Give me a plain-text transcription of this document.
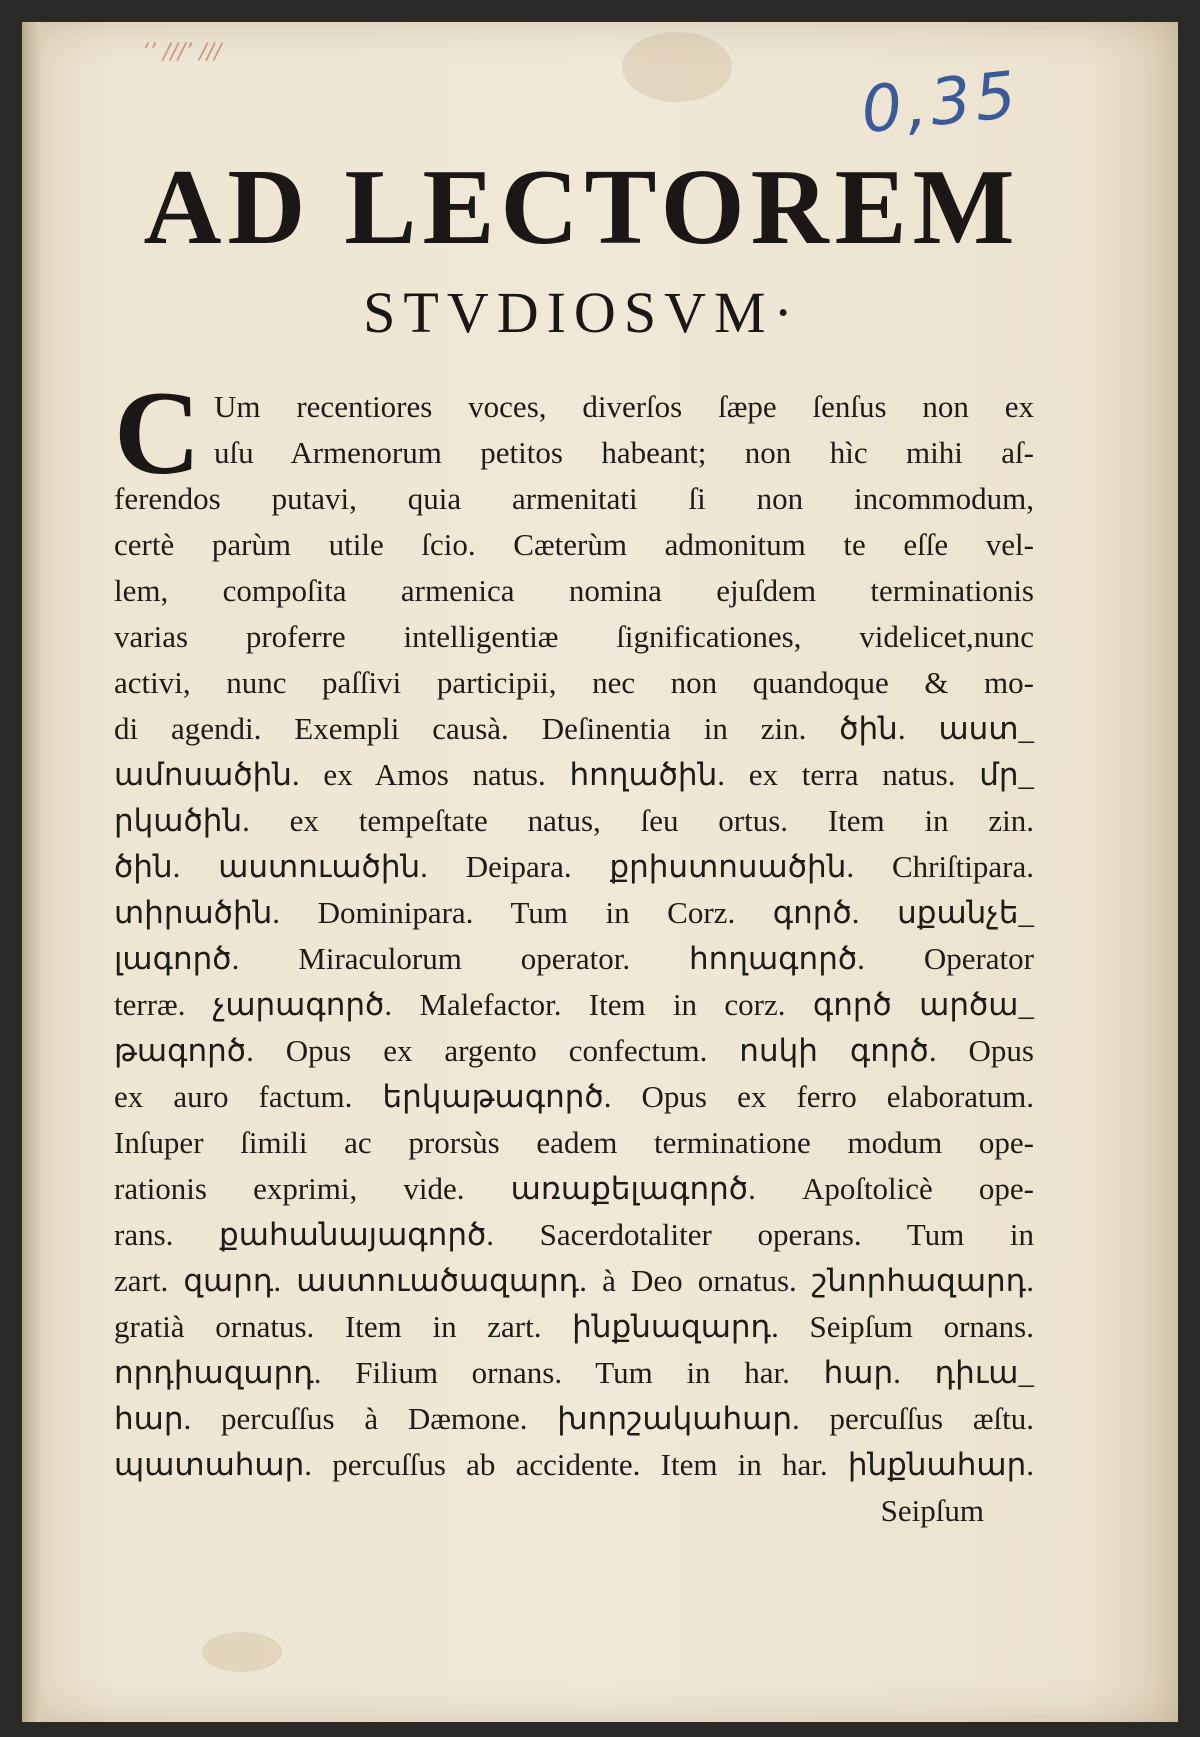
‘’ ///’ ///
0,35
AD LECTOREM
STVDIOSVM·
C Um recentiores voces, diverſos ſæpe ſenſus non ex
uſu Armenorum petitos habeant; non hìc mihi aſ-
ferendos putavi, quia armenitati ſi non incommodum,
certè parùm utile ſcio. Cæterùm admonitum te eſſe vel-
lem, compoſita armenica nomina ejuſdem terminationis
varias proferre intelligentiæ ſignificationes, videlicet,nunc
activi, nunc paſſivi participii, nec non quandoque & mo-
di agendi. Exempli causà. Deſinentia in zin. ծին. աստ_
ամոսածին. ex Amos natus. հողածին. ex terra natus. մր_
րկածին. ex tempeſtate natus, ſeu ortus. Item in zin.
ծին. աստուածին. Deipara. քրիստոսածին. Chriſtipara.
տիրածին. Dominipara. Tum in Corz. գործ. սքանչե_
լագործ. Miraculorum operator. հողագործ. Operator
terræ. չարագործ. Malefactor. Item in corz. գործ արծա_
թագործ. Opus ex argento confectum. ոսկի գործ. Opus
ex auro factum. երկաթագործ. Opus ex ferro elaboratum.
Inſuper ſimili ac prorsùs eadem terminatione modum ope-
rationis exprimi, vide. առաքելագործ. Apoſtolicè ope-
rans. քահանայագործ. Sacerdotaliter operans. Tum in
zart. զարդ. աստուածազարդ. à Deo ornatus. շնորհազարդ.
gratià ornatus. Item in zart. ինքնազարդ. Seipſum ornans.
որդիազարդ. Filium ornans. Tum in har. հար. դիւա_
հար. percuſſus à Dæmone. խորշակահար. percuſſus æſtu.
պատահար. percuſſus ab accidente. Item in har. ինքնահար.
Seipſum
